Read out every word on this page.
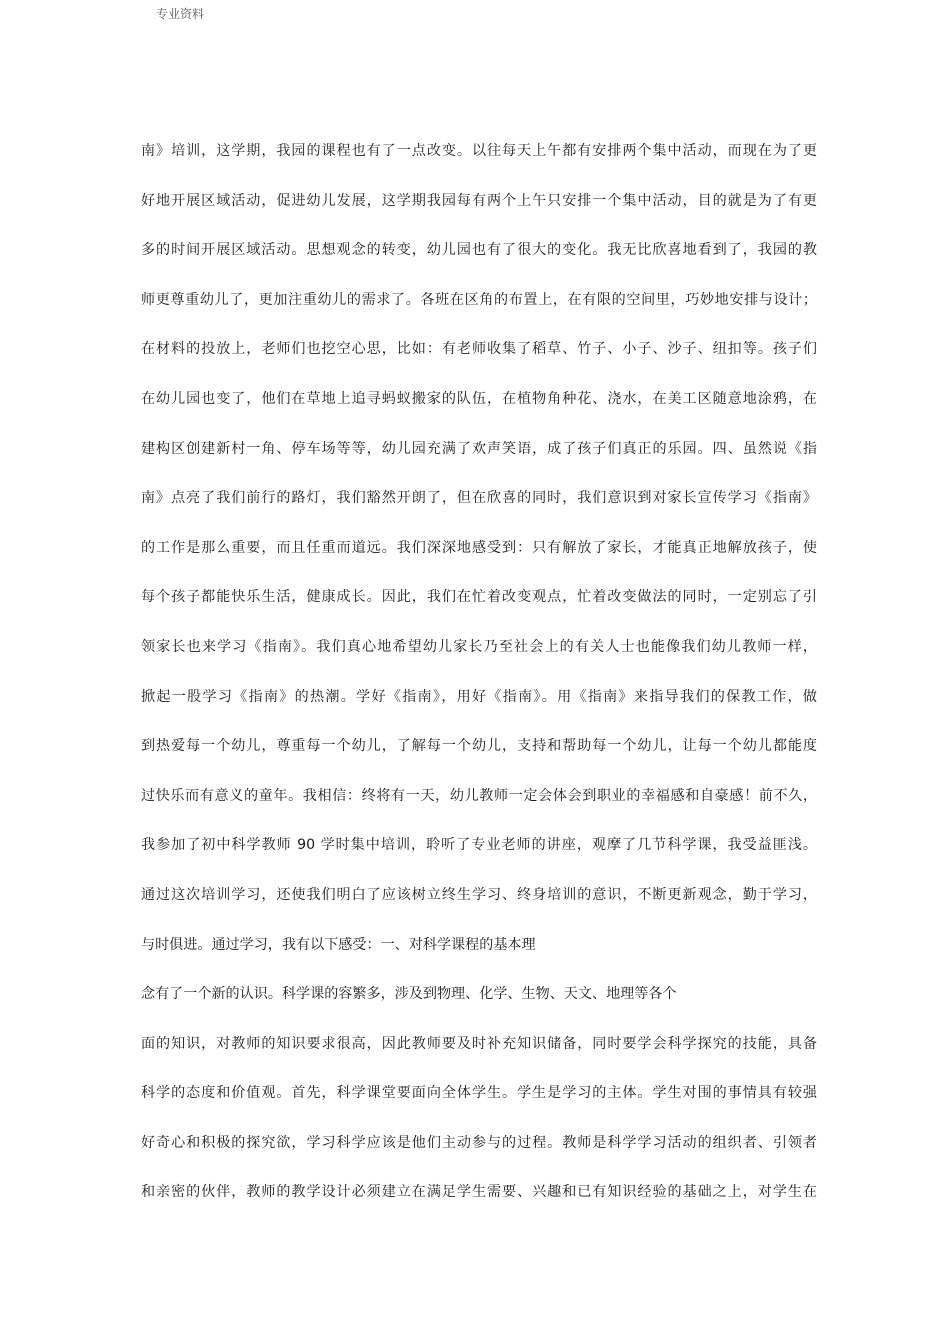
专业资料
南》培训，这学期，我园的课程也有了一点改变。以往每天上午都有安排两个集中活动，而现在为了更
好地开展区域活动，促进幼儿发展，这学期我园每有两个上午只安排一个集中活动，目的就是为了有更
多的时间开展区域活动。思想观念的转变，幼儿园也有了很大的变化。我无比欣喜地看到了，我园的教
师更尊重幼儿了，更加注重幼儿的需求了。各班在区角的布置上，在有限的空间里，巧妙地安排与设计；
在材料的投放上，老师们也挖空心思，比如：有老师收集了稻草、竹子、小子、沙子、纽扣等。孩子们
在幼儿园也变了，他们在草地上追寻蚂蚁搬家的队伍，在植物角种花、浇水，在美工区随意地涂鸦，在
建构区创建新村一角、停车场等等，幼儿园充满了欢声笑语，成了孩子们真正的乐园。四、虽然说《指
南》点亮了我们前行的路灯，我们豁然开朗了，但在欣喜的同时，我们意识到对家长宣传学习《指南》
的工作是那么重要，而且任重而道远。我们深深地感受到：只有解放了家长，才能真正地解放孩子，使
每个孩子都能快乐生活，健康成长。因此，我们在忙着改变观点，忙着改变做法的同时，一定别忘了引
领家长也来学习《指南》。我们真心地希望幼儿家长乃至社会上的有关人士也能像我们幼儿教师一样，
掀起一股学习《指南》的热潮。学好《指南》，用好《指南》。用《指南》来指导我们的保教工作，做
到热爱每一个幼儿，尊重每一个幼儿，了解每一个幼儿，支持和帮助每一个幼儿，让每一个幼儿都能度
过快乐而有意义的童年。我相信：终将有一天，幼儿教师一定会体会到职业的幸福感和自豪感！前不久，
我参加了初中科学教师 90 学时集中培训，聆听了专业老师的讲座，观摩了几节科学课，我受益匪浅。
通过这次培训学习，还使我们明白了应该树立终生学习、终身培训的意识，不断更新观念，勤于学习，
与时俱进。通过学习，我有以下感受：一、对科学课程的基本理
念有了一个新的认识。科学课的容繁多，涉及到物理、化学、生物、天文、地理等各个
面的知识，对教师的知识要求很高，因此教师要及时补充知识储备，同时要学会科学探究的技能，具备
科学的态度和价值观。首先，科学课堂要面向全体学生。学生是学习的主体。学生对围的事情具有较强
好奇心和积极的探究欲，学习科学应该是他们主动参与的过程。教师是科学学习活动的组织者、引领者
和亲密的伙伴，教师的教学设计必须建立在满足学生需要、兴趣和已有知识经验的基础之上，对学生在
